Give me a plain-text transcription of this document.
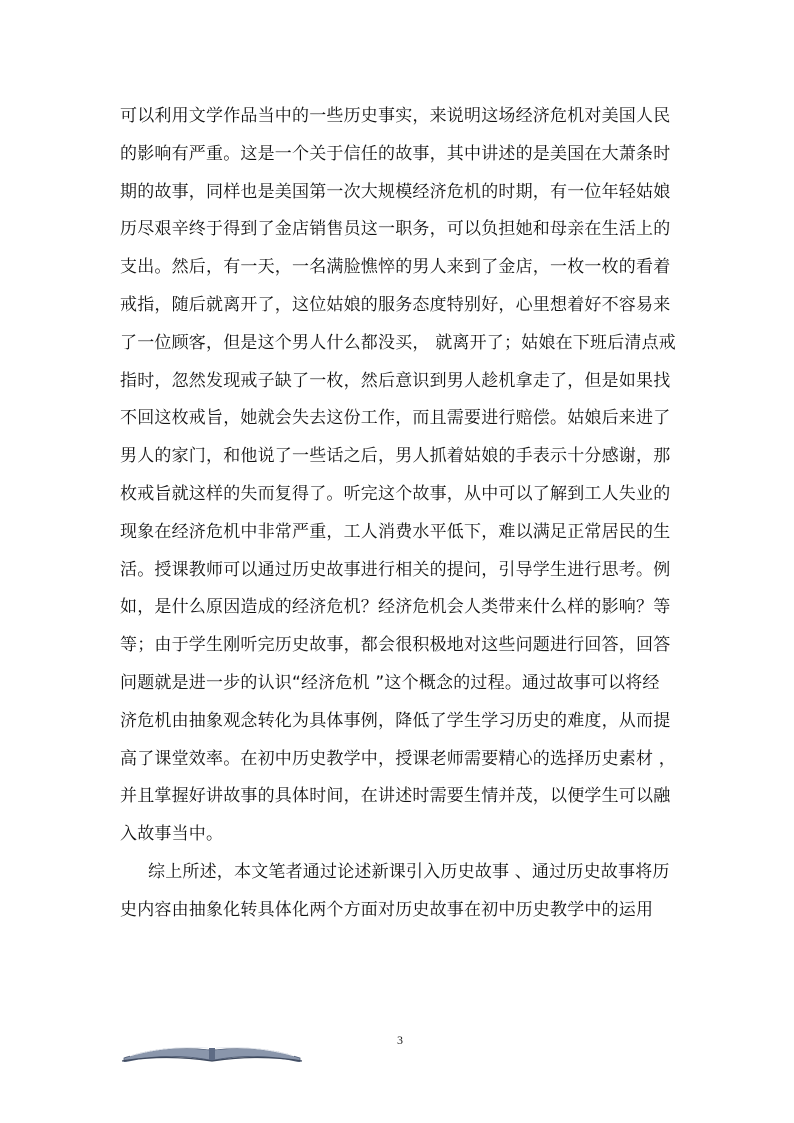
可以利用文学作品当中的一些历史事实，来说明这场经济危机对美国人民
的影响有严重。这是一个关于信任的故事，其中讲述的是美国在大萧条时
期的故事，同样也是美国第一次大规模经济危机的时期，有一位年轻姑娘
历尽艰辛终于得到了金店销售员这一职务，可以负担她和母亲在生活上的
支出。然后，有一天，一名满脸憔悴的男人来到了金店，一枚一枚的看着
戒指，随后就离开了，这位姑娘的服务态度特别好，心里想着好不容易来
了一位顾客，但是这个男人什么都没买， 就离开了；姑娘在下班后清点戒
指时，忽然发现戒子缺了一枚，然后意识到男人趁机拿走了，但是如果找
不回这枚戒旨，她就会失去这份工作，而且需要进行赔偿。姑娘后来进了
男人的家门，和他说了一些话之后，男人抓着姑娘的手表示十分感谢，那
枚戒旨就这样的失而复得了。听完这个故事，从中可以了解到工人失业的
现象在经济危机中非常严重，工人消费水平低下，难以满足正常居民的生
活。授课教师可以通过历史故事进行相关的提问，引导学生进行思考。例
如，是什么原因造成的经济危机？经济危机会人类带来什么样的影响？等
等；由于学生刚听完历史故事，都会很积极地对这些问题进行回答，回答
问题就是进一步的认识“经济危机 ”这个概念的过程。通过故事可以将经
济危机由抽象观念转化为具体事例，降低了学生学习历史的难度，从而提
高了课堂效率。在初中历史教学中，授课老师需要精心的选择历史素材 ，
并且掌握好讲故事的具体时间，在讲述时需要生情并茂，以便学生可以融
入故事当中。
综上所述，本文笔者通过论述新课引入历史故事 、通过历史故事将历
史内容由抽象化转具体化两个方面对历史故事在初中历史教学中的运用
3
